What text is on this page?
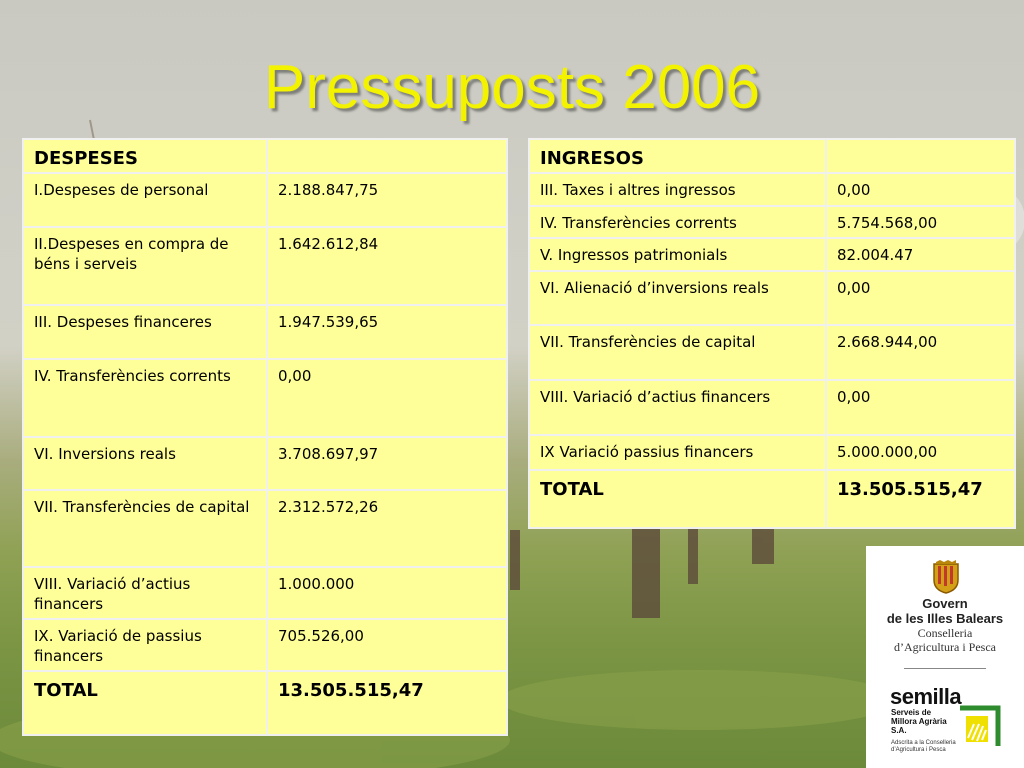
Pressuposts 2006
DESPESES	
I.Despeses de personal	2.188.847,75
II.Despeses en compra de béns i serveis	1.642.612,84
III. Despeses financeres	1.947.539,65
IV. Transferències corrents	0,00
VI. Inversions reals	3.708.697,97
VII. Transferències de capital	2.312.572,26
VIII. Variació d’actius financers	1.000.000
IX. Variació de passius financers	705.526,00
TOTAL	13.505.515,47
INGRESOS	
III. Taxes i altres ingressos	0,00
IV. Transferències corrents	5.754.568,00
V. Ingressos patrimonials	82.004.47
VI. Alienació d’inversions reals	0,00
VII. Transferències de capital	2.668.944,00
VIII. Variació d’actius financers	0,00
IX Variació passius financers	5.000.000,00
TOTAL	13.505.515,47
Govern
de les Illes Balears
Conselleria
d’Agricultura i Pesca
semilla
Serveis de
Millora Agrària
S.A.
Adscrita a la Conselleria
d’Agricultura i Pesca
